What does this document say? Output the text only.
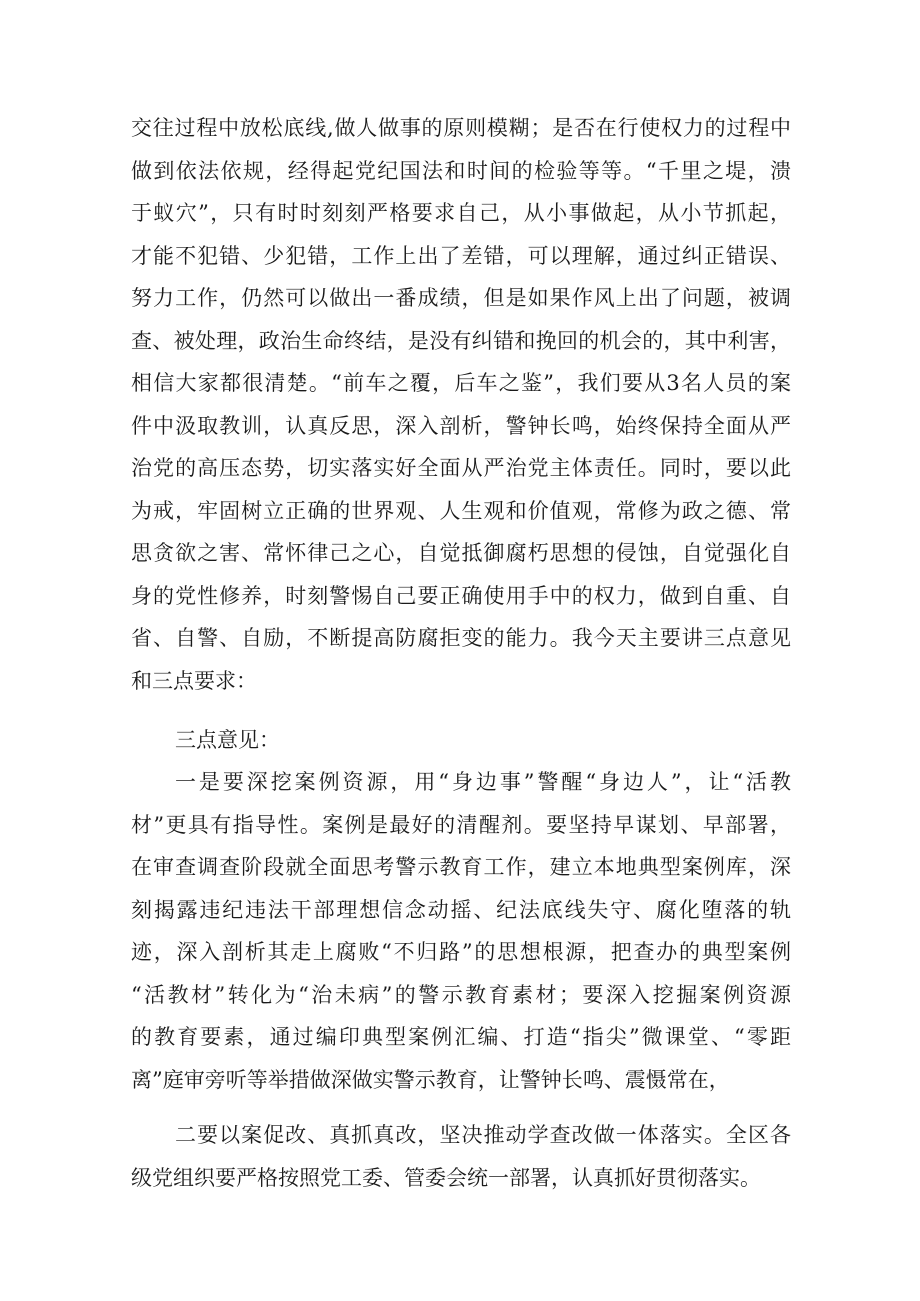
交往过程中放松底线,做人做事的原则模糊；是否在行使权力的过程中
做到依法依规，经得起党纪国法和时间的检验等等。“千里之堤，溃
于蚁穴”，只有时时刻刻严格要求自己，从小事做起，从小节抓起，
才能不犯错、少犯错，工作上出了差错，可以理解，通过纠正错误、
努力工作，仍然可以做出一番成绩，但是如果作风上出了问题，被调
查、被处理，政治生命终结，是没有纠错和挽回的机会的，其中利害，
相信大家都很清楚。“前车之覆，后车之鉴”，我们要从3名人员的案
件中汲取教训，认真反思，深入剖析，警钟长鸣，始终保持全面从严
治党的高压态势，切实落实好全面从严治党主体责任。同时，要以此
为戒，牢固树立正确的世界观、人生观和价值观，常修为政之德、常
思贪欲之害、常怀律己之心，自觉抵御腐朽思想的侵蚀，自觉强化自
身的党性修养，时刻警惕自己要正确使用手中的权力，做到自重、自
省、自警、自励，不断提高防腐拒变的能力。我今天主要讲三点意见
和三点要求：
三点意见：
一是要深挖案例资源，用“身边事”警醒“身边人”，让“活教
材”更具有指导性。案例是最好的清醒剂。要坚持早谋划、早部署，
在审查调查阶段就全面思考警示教育工作，建立本地典型案例库，深
刻揭露违纪违法干部理想信念动摇、纪法底线失守、腐化堕落的轨
迹，深入剖析其走上腐败“不归路”的思想根源，把查办的典型案例
“活教材”转化为“治未病”的警示教育素材；要深入挖掘案例资源
的教育要素，通过编印典型案例汇编、打造“指尖”微课堂、“零距
离”庭审旁听等举措做深做实警示教育，让警钟长鸣、震慑常在，
二要以案促改、真抓真改，坚决推动学查改做一体落实。全区各
级党组织要严格按照党工委、管委会统一部署，认真抓好贯彻落实。
